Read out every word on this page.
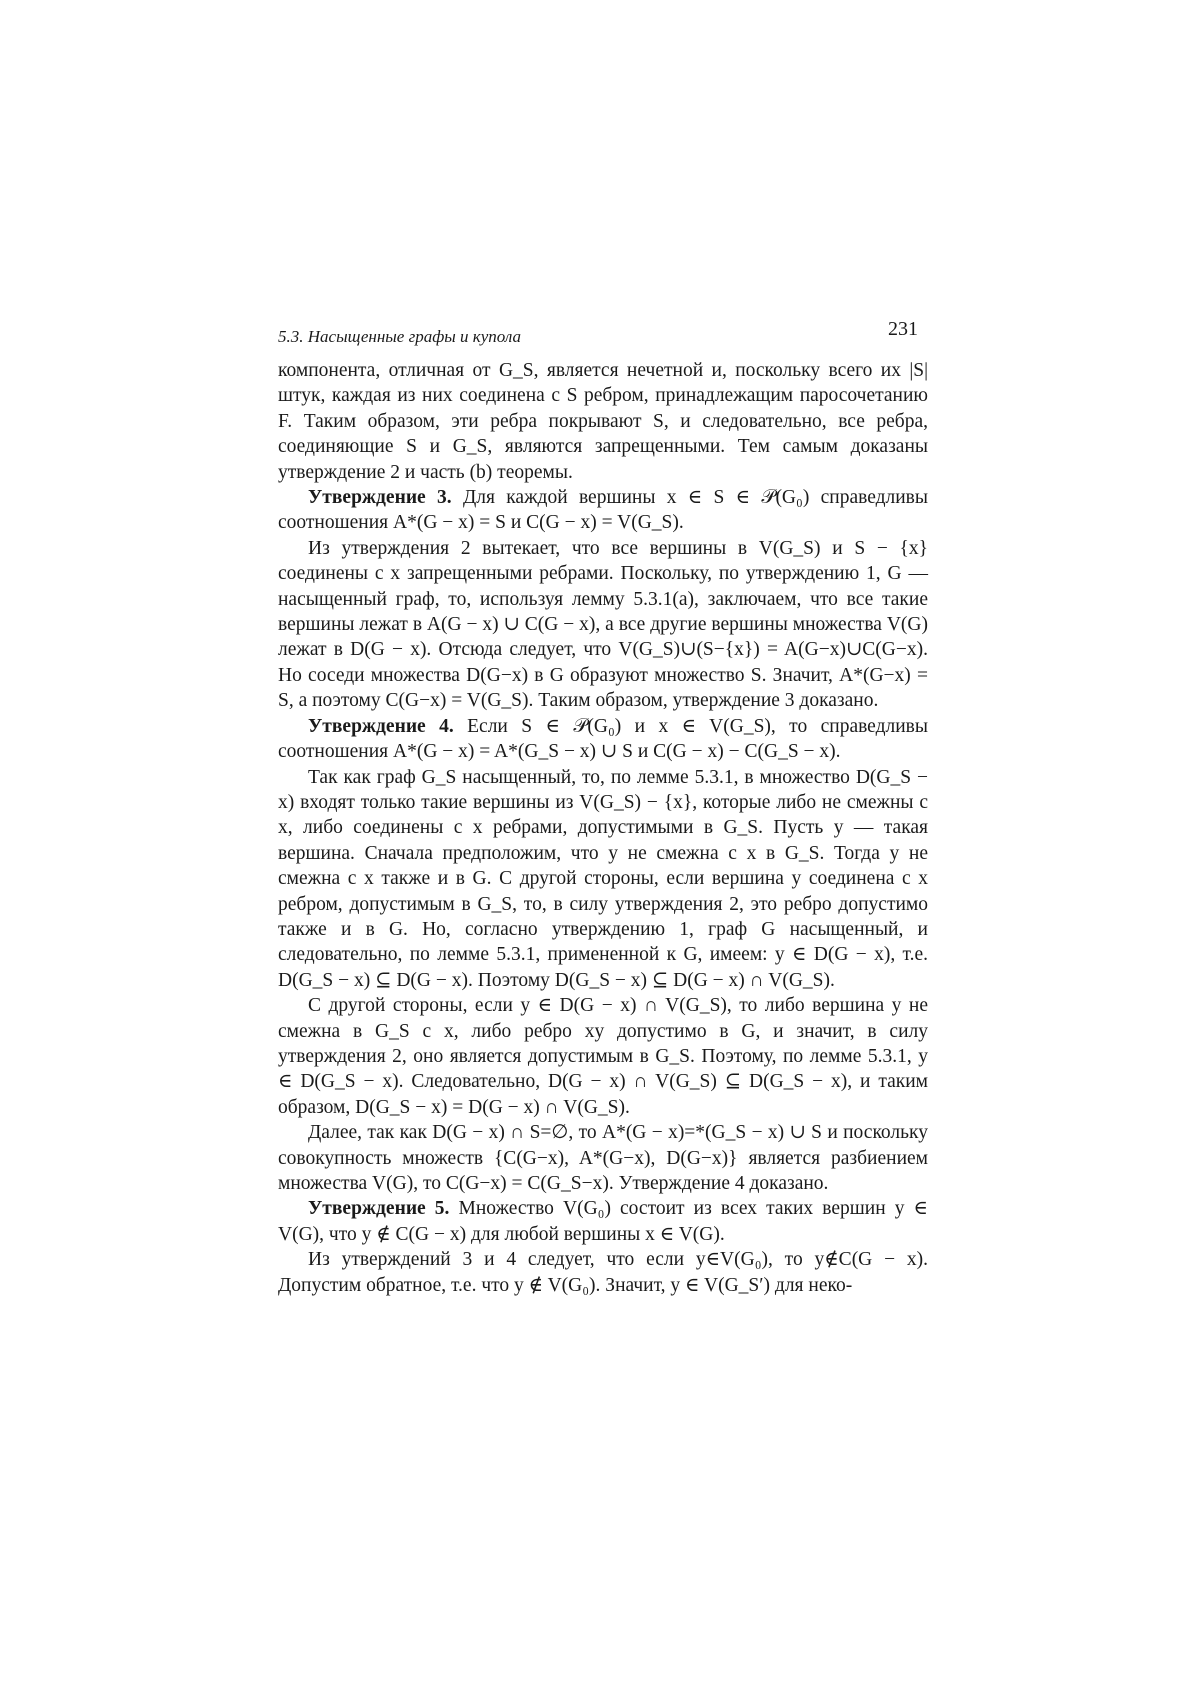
5.3. Насыщенные графы и купола	231

компонента, отличная от G_S, является нечетной и, поскольку всего их |S| штук, каждая из них соединена с S ребром, принадлежащим паросочетанию F. Таким образом, эти ребра покрывают S, и следовательно, все ребра, соединяющие S и G_S, являются запрещенными. Тем самым доказаны утверждение 2 и часть (b) теоремы.

Утверждение 3. Для каждой вершины x ∈ S ∈ 𝒫(G₀) справедливы соотношения A*(G − x) = S и C(G − x) = V(G_S).

Из утверждения 2 вытекает, что все вершины в V(G_S) и S − {x} соединены с x запрещенными ребрами. Поскольку, по утверждению 1, G — насыщенный граф, то, используя лемму 5.3.1(a), заключаем, что все такие вершины лежат в A(G − x) ∪ C(G − x), а все другие вершины множества V(G) лежат в D(G − x). Отсюда следует, что V(G_S)∪(S−{x}) = A(G−x)∪C(G−x). Но соседи множества D(G−x) в G образуют множество S. Значит, A*(G−x) = S, а поэтому C(G−x) = V(G_S). Таким образом, утверждение 3 доказано.

Утверждение 4. Если S ∈ 𝒫(G₀) и x ∈ V(G_S), то справедливы соотношения A*(G − x) = A*(G_S − x) ∪ S и C(G − x) − C(G_S − x).

Так как граф G_S насыщенный, то, по лемме 5.3.1, в множество D(G_S − x) входят только такие вершины из V(G_S) − {x}, которые либо не смежны с x, либо соединены с x ребрами, допустимыми в G_S. Пусть y — такая вершина. Сначала предположим, что y не смежна с x в G_S. Тогда y не смежна с x также и в G. С другой стороны, если вершина y соединена с x ребром, допустимым в G_S, то, в силу утверждения 2, это ребро допустимо также и в G. Но, согласно утверждению 1, граф G насыщенный, и следовательно, по лемме 5.3.1, примененной к G, имеем: y ∈ D(G − x), т.е. D(G_S − x) ⊆ D(G − x). Поэтому D(G_S − x) ⊆ D(G − x) ∩ V(G_S).

С другой стороны, если y ∈ D(G − x) ∩ V(G_S), то либо вершина y не смежна в G_S с x, либо ребро xy допустимо в G, и значит, в силу утверждения 2, оно является допустимым в G_S. Поэтому, по лемме 5.3.1, y ∈ D(G_S − x). Следовательно, D(G − x) ∩ V(G_S) ⊆ D(G_S − x), и таким образом, D(G_S − x) = D(G − x) ∩ V(G_S).

Далее, так как D(G − x) ∩ S=∅, то A*(G − x)=*(G_S − x) ∪ S и поскольку совокупность множеств {C(G−x), A*(G−x), D(G−x)} является разбиением множества V(G), то C(G−x) = C(G_S−x). Утверждение 4 доказано.

Утверждение 5. Множество V(G₀) состоит из всех таких вершин y ∈ V(G), что y ∉ C(G − x) для любой вершины x ∈ V(G).

Из утверждений 3 и 4 следует, что если y∈V(G₀), то y∉C(G − x). Допустим обратное, т.е. что y ∉ V(G₀). Значит, y ∈ V(G_S′) для неко-
